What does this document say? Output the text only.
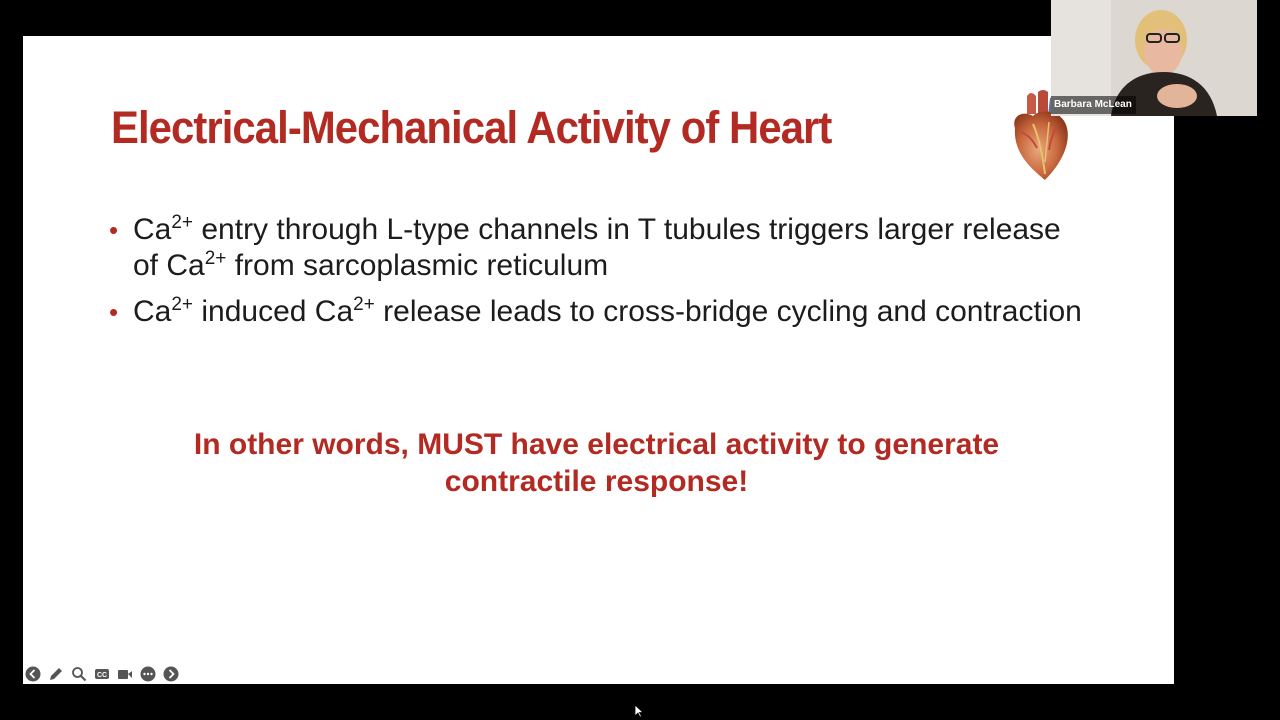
Electrical-Mechanical Activity of Heart
• $Ca^{2+}$ entry through L-type channels in T tubules triggers larger release of $Ca^{2+}$ from sarcoplasmic reticulum
• $Ca^{2+}$ induced $Ca^{2+}$ release leads to cross-bridge cycling and contraction
In other words, MUST have electrical activity to generate
contractile response!
CC
Barbara McLean
